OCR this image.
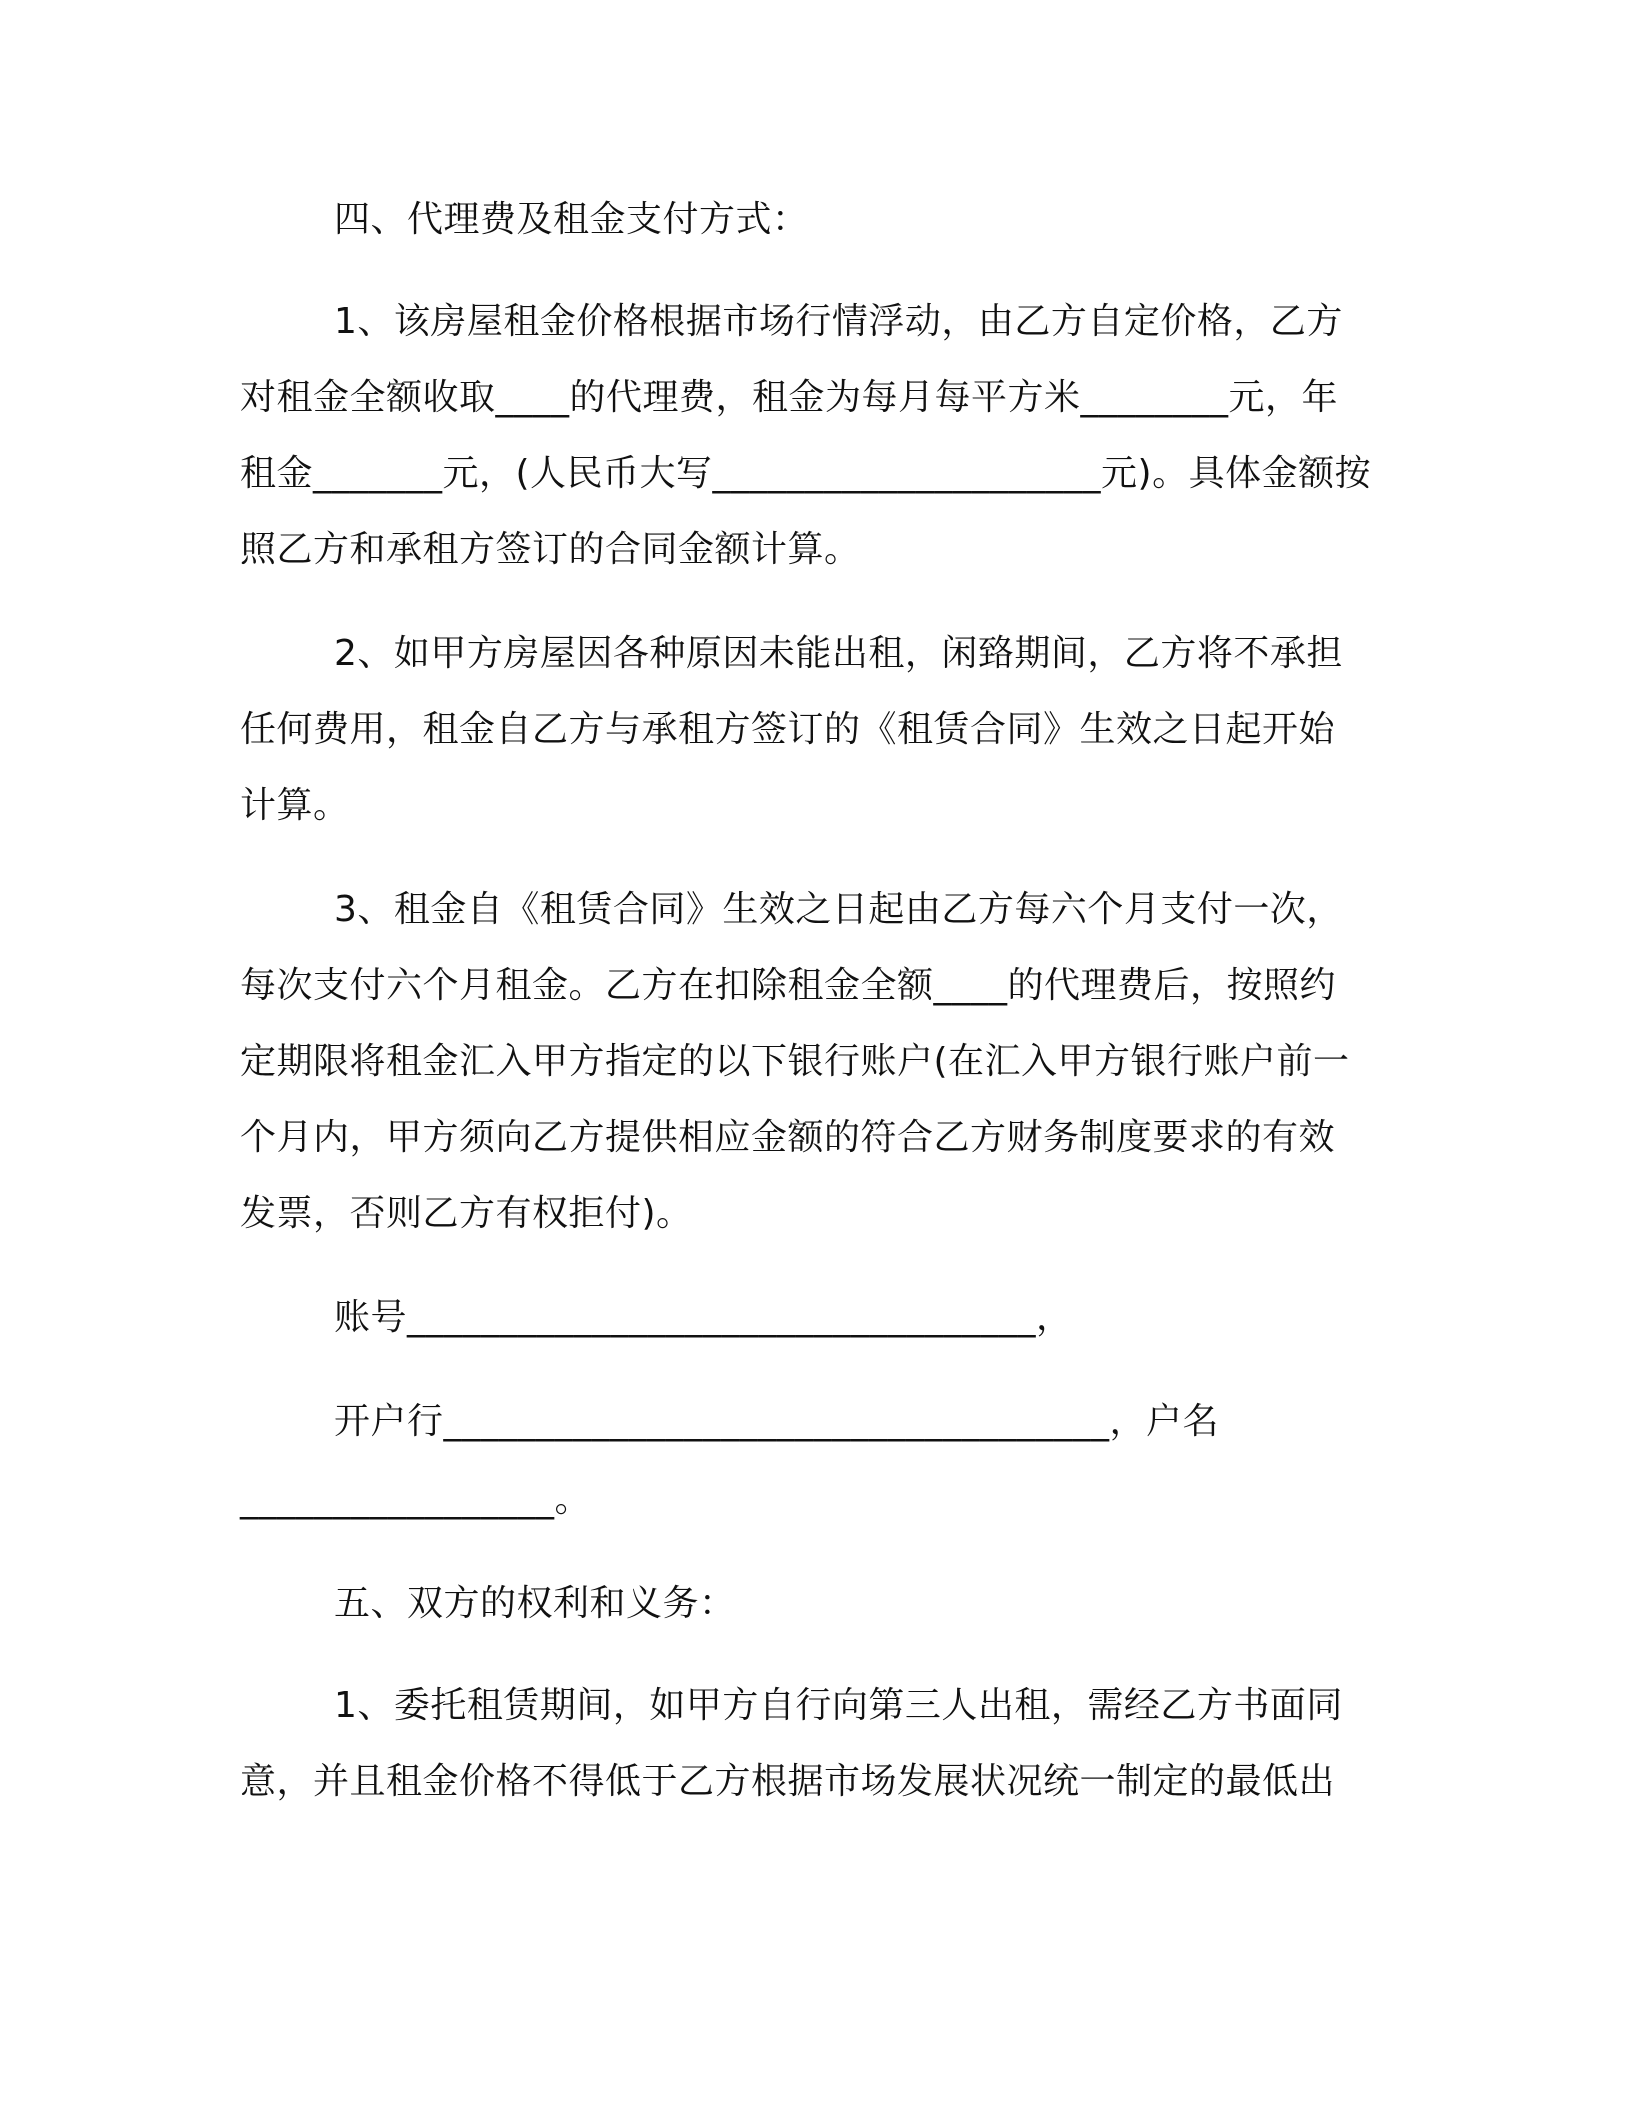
四、代理费及租金支付方式：
1、该房屋租金价格根据市场行情浮动，由乙方自定价格，乙方
对租金全额收取____的代理费，租金为每月每平方米________元，年
租金_______元，(人民币大写_____________________元)。具体金额按
照乙方和承租方签订的合同金额计算。
2、如甲方房屋因各种原因未能出租，闲臵期间，乙方将不承担
任何费用，租金自乙方与承租方签订的《租赁合同》生效之日起开始
计算。
3、租金自《租赁合同》生效之日起由乙方每六个月支付一次，
每次支付六个月租金。乙方在扣除租金全额____的代理费后，按照约
定期限将租金汇入甲方指定的以下银行账户(在汇入甲方银行账户前一
个月内，甲方须向乙方提供相应金额的符合乙方财务制度要求的有效
发票，否则乙方有权拒付)。
账号__________________________________，
开户行____________________________________，户名
_________________。
五、双方的权利和义务：
1、委托租赁期间，如甲方自行向第三人出租，需经乙方书面同
意，并且租金价格不得低于乙方根据市场发展状况统一制定的最低出
